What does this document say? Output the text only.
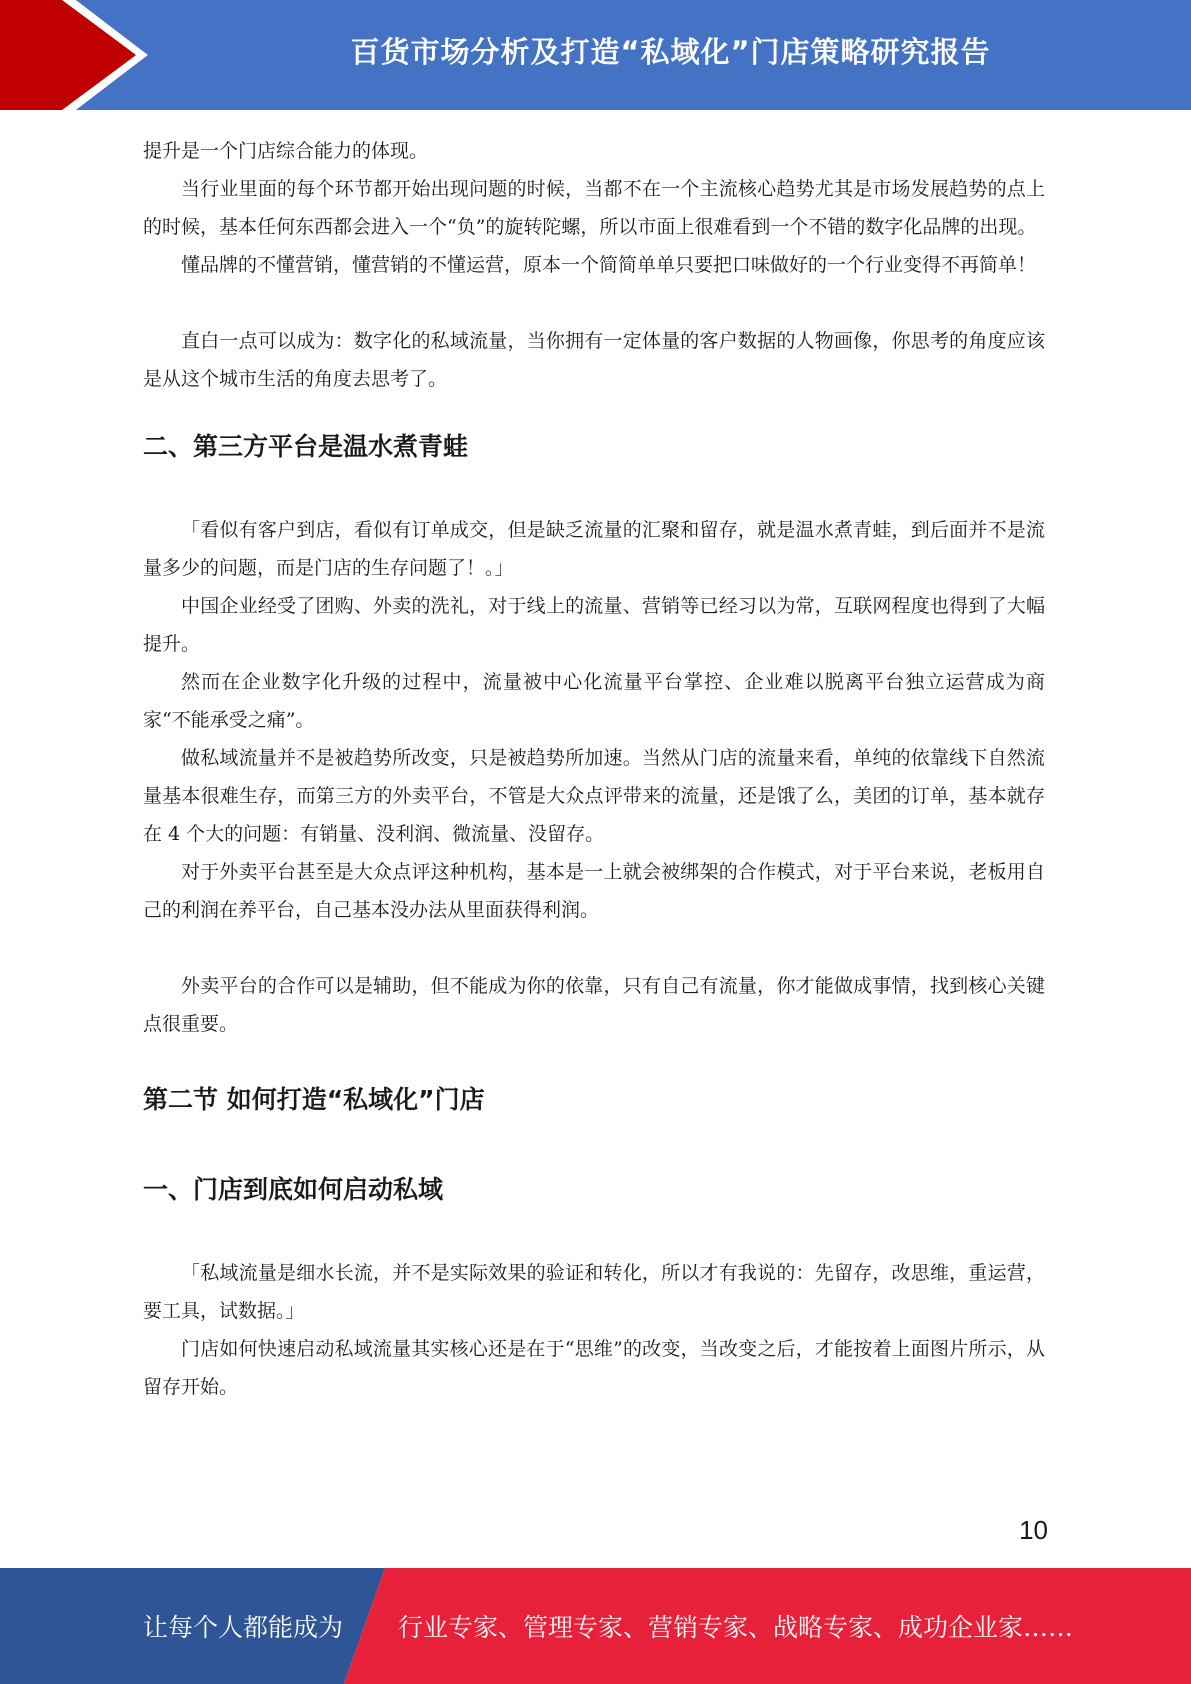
百货市场分析及打造“私域化”门店策略研究报告

提升是一个门店综合能力的体现。

当行业里面的每个环节都开始出现问题的时候，当都不在一个主流核心趋势尤其是市场发展趋势的点上的时候，基本任何东西都会进入一个“负”的旋转陀螺，所以市面上很难看到一个不错的数字化品牌的出现。

懂品牌的不懂营销，懂营销的不懂运营，原本一个简简单单只要把口味做好的一个行业变得不再简单！

直白一点可以成为：数字化的私域流量，当你拥有一定体量的客户数据的人物画像，你思考的角度应该是从这个城市生活的角度去思考了。

二、第三方平台是温水煮青蛙

「看似有客户到店，看似有订单成交，但是缺乏流量的汇聚和留存，就是温水煮青蛙，到后面并不是流量多少的问题，而是门店的生存问题了！。」

中国企业经受了团购、外卖的洗礼，对于线上的流量、营销等已经习以为常，互联网程度也得到了大幅提升。

然而在企业数字化升级的过程中，流量被中心化流量平台掌控、企业难以脱离平台独立运营成为商家“不能承受之痛”。

做私域流量并不是被趋势所改变，只是被趋势所加速。当然从门店的流量来看，单纯的依靠线下自然流量基本很难生存，而第三方的外卖平台，不管是大众点评带来的流量，还是饿了么，美团的订单，基本就存在 4 个大的问题：有销量、没利润、微流量、没留存。

对于外卖平台甚至是大众点评这种机构，基本是一上就会被绑架的合作模式，对于平台来说，老板用自己的利润在养平台，自己基本没办法从里面获得利润。

外卖平台的合作可以是辅助，但不能成为你的依靠，只有自己有流量，你才能做成事情，找到核心关键点很重要。

第二节 如何打造“私域化”门店
一、门店到底如何启动私域

「私域流量是细水长流，并不是实际效果的验证和转化，所以才有我说的：先留存，改思维，重运营，要工具，试数据。」

门店如何快速启动私域流量其实核心还是在于“思维”的改变，当改变之后，才能按着上面图片所示，从留存开始。

10
让每个人都能成为 行业专家、管理专家、营销专家、战略专家、成功企业家……
